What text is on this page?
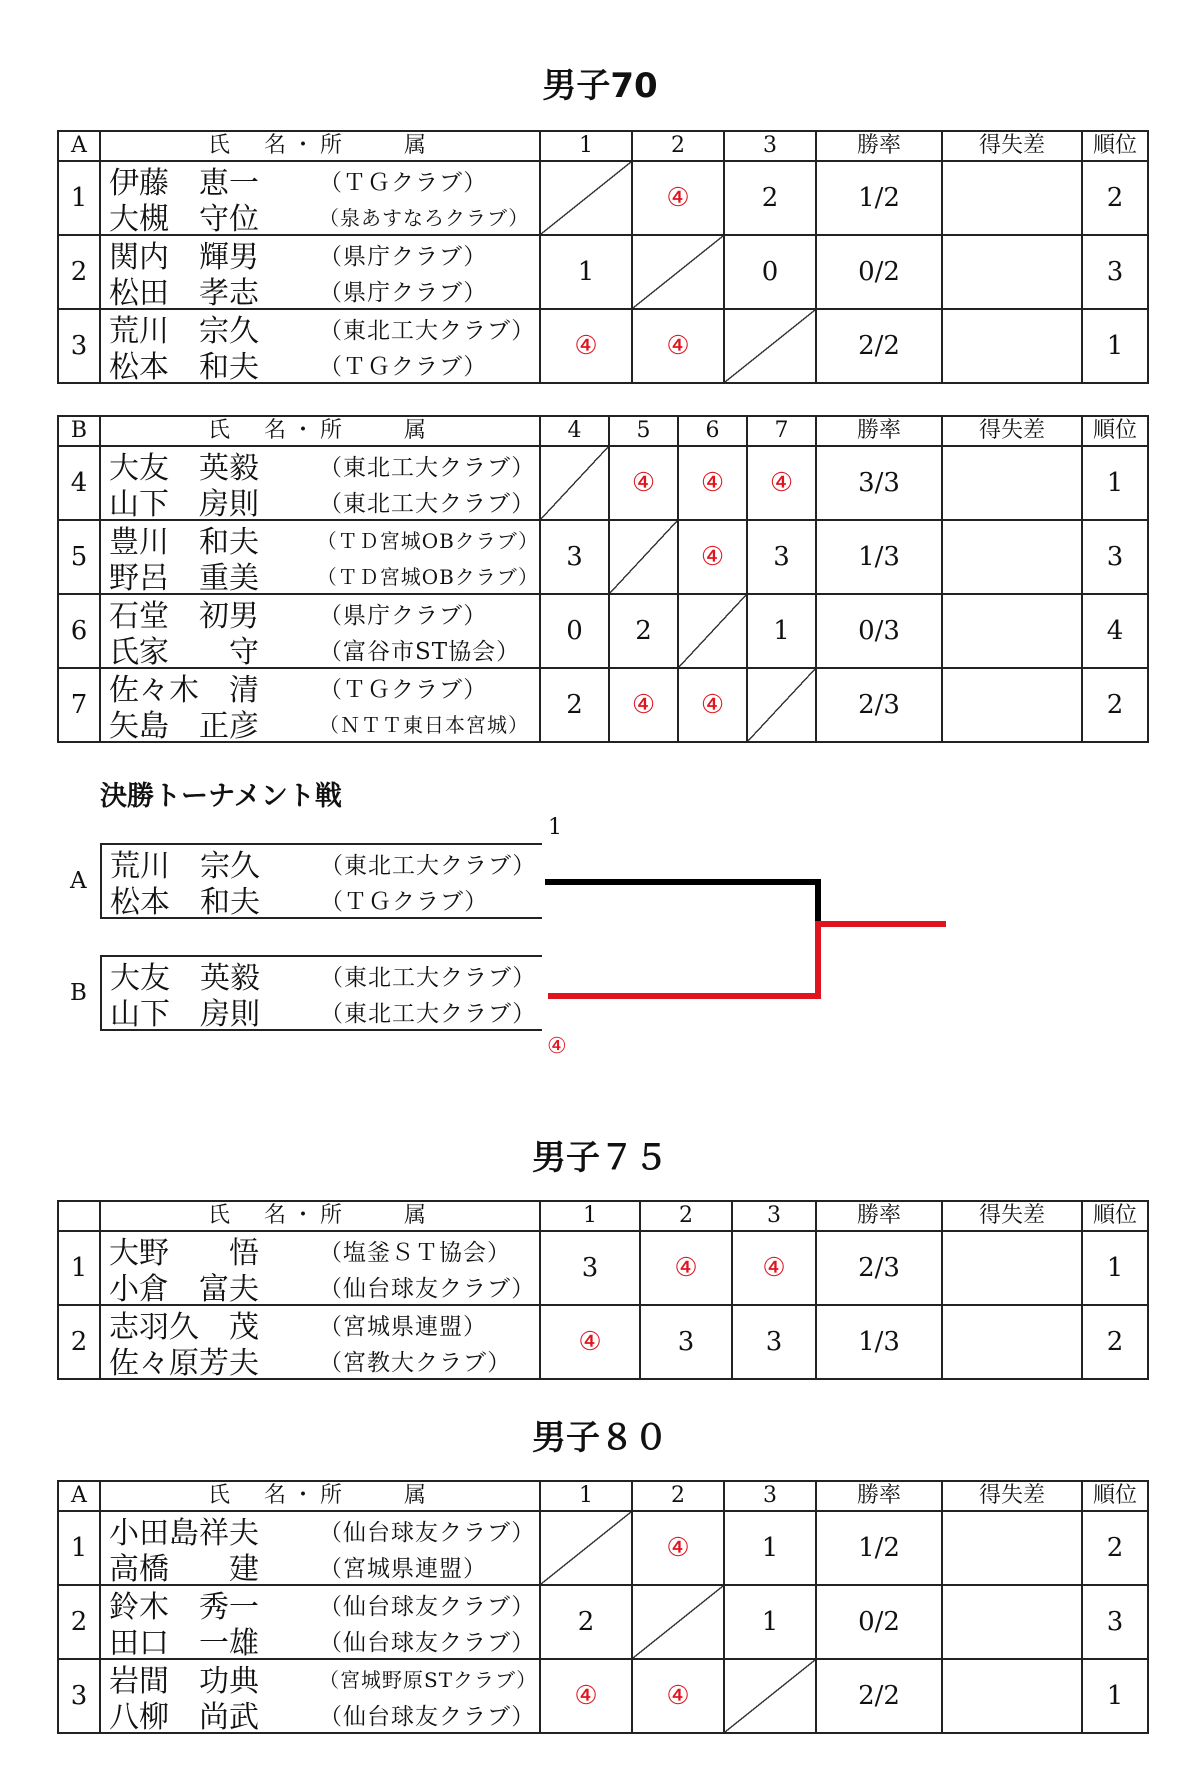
男子70
A	氏　名・所　　属	1	2	3	勝率	得失差	順位
1	伊藤　恵一 （ＴＧクラブ）
大槻　守位 （泉あすなろクラブ）		④	2	1/2		2
2	関内　輝男 （県庁クラブ）
松田　孝志 （県庁クラブ）	1		0	0/2		3
3	荒川　宗久 （東北工大クラブ）
松本　和夫 （ＴＧクラブ）	④	④		2/2		1
B	氏　名・所　　属	4	5	6	7	勝率	得失差	順位
4	大友　英毅 （東北工大クラブ）
山下　房則 （東北工大クラブ）		④	④	④	3/3		1
5	豊川　和夫 （ＴＤ宮城OBクラブ）
野呂　重美 （ＴＤ宮城OBクラブ）	3		④	3	1/3		3
6	石堂　初男 （県庁クラブ）
氏家　　守 （富谷市ST協会）	0	2		1	0/3		4
7	佐々木　清 （ＴＧクラブ）
矢島　正彦 （ＮＴＴ東日本宮城）	2	④	④		2/3		2
決勝トーナメント戦
1
A 荒川　宗久	（東北工大クラブ）
松本　和夫	（ＴＧクラブ）
B 大友　英毅	（東北工大クラブ）
山下　房則	（東北工大クラブ）
④
男子７５
	氏　名・所　　属	1	2	3	勝率	得失差	順位
1	大野　　悟 （塩釜ＳＴ協会）
小倉　富夫 （仙台球友クラブ）	3	④	④	2/3		1
2	志羽久　茂 （宮城県連盟）
佐々原芳夫 （宮教大クラブ）	④	3	3	1/3		2
男子８０
A	氏　名・所　　属	1	2	3	勝率	得失差	順位
1	小田島祥夫 （仙台球友クラブ）
高橋　　建 （宮城県連盟）		④	1	1/2		2
2	鈴木　秀一 （仙台球友クラブ）
田口　一雄 （仙台球友クラブ）	2		1	0/2		3
3	岩間　功典 （宮城野原STクラブ）
八柳　尚武 （仙台球友クラブ）	④	④		2/2		1
